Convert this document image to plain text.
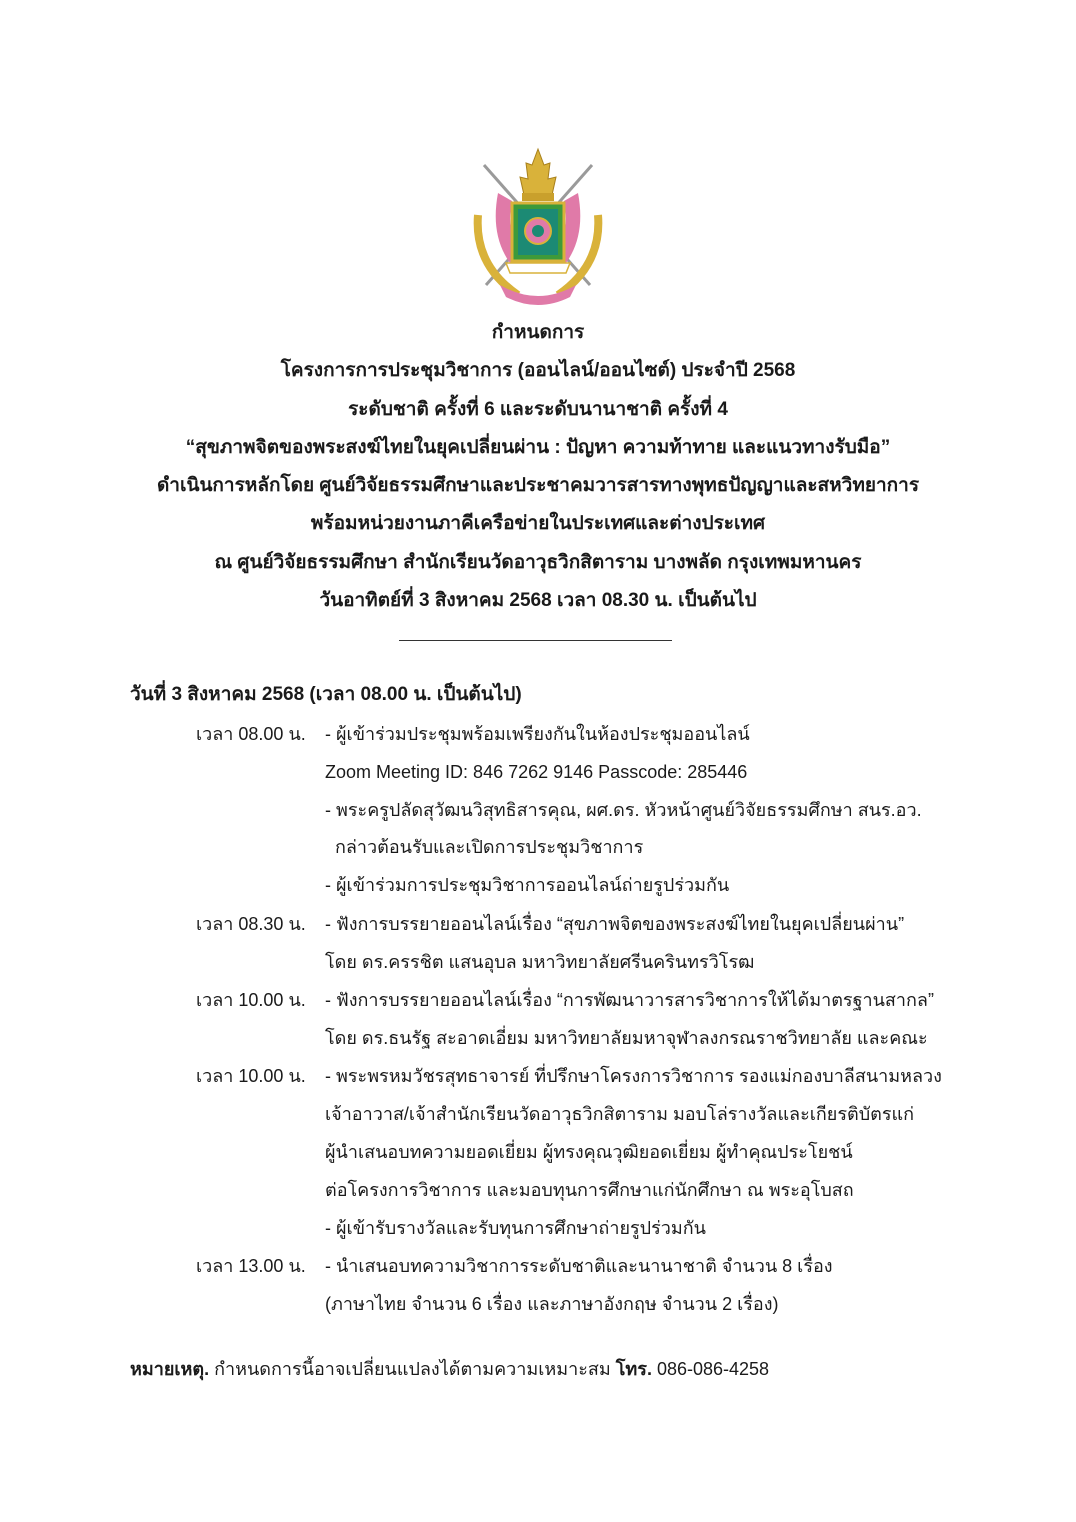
กำหนดการ
โครงการการประชุมวิชาการ (ออนไลน์/ออนไซต์) ประจำปี 2568
ระดับชาติ ครั้งที่ 6 และระดับนานาชาติ ครั้งที่ 4
“สุขภาพจิตของพระสงฆ์ไทยในยุคเปลี่ยนผ่าน : ปัญหา ความท้าทาย และแนวทางรับมือ”
ดำเนินการหลักโดย ศูนย์วิจัยธรรมศึกษาและประชาคมวารสารทางพุทธปัญญาและสหวิทยาการ
พร้อมหน่วยงานภาคีเครือข่ายในประเทศและต่างประเทศ
ณ ศูนย์วิจัยธรรมศึกษา สำนักเรียนวัดอาวุธวิกสิตาราม บางพลัด กรุงเทพมหานคร
วันอาทิตย์ที่ 3 สิงหาคม 2568 เวลา 08.30 น. เป็นต้นไป
วันที่ 3 สิงหาคม 2568 (เวลา 08.00 น. เป็นต้นไป)
เวลา 08.00 น. - ผู้เข้าร่วมประชุมพร้อมเพรียงกันในห้องประชุมออนไลน์
Zoom Meeting ID: 846 7262 9146 Passcode: 285446
- พระครูปลัดสุวัฒนวิสุทธิสารคุณ, ผศ.ดร. หัวหน้าศูนย์วิจัยธรรมศึกษา สนร.อว.
กล่าวต้อนรับและเปิดการประชุมวิชาการ
- ผู้เข้าร่วมการประชุมวิชาการออนไลน์ถ่ายรูปร่วมกัน
เวลา 08.30 น. - ฟังการบรรยายออนไลน์เรื่อง “สุขภาพจิตของพระสงฆ์ไทยในยุคเปลี่ยนผ่าน”
โดย ดร.ครรชิต แสนอุบล มหาวิทยาลัยศรีนครินทรวิโรฒ
เวลา 10.00 น. - ฟังการบรรยายออนไลน์เรื่อง “การพัฒนาวารสารวิชาการให้ได้มาตรฐานสากล”
โดย ดร.ธนรัฐ สะอาดเอี่ยม มหาวิทยาลัยมหาจุฬาลงกรณราชวิทยาลัย และคณะ
เวลา 10.00 น. - พระพรหมวัชรสุทธาจารย์ ที่ปรึกษาโครงการวิชาการ รองแม่กองบาลีสนามหลวง
เจ้าอาวาส/เจ้าสำนักเรียนวัดอาวุธวิกสิตาราม มอบโล่รางวัลและเกียรติบัตรแก่
ผู้นำเสนอบทความยอดเยี่ยม ผู้ทรงคุณวุฒิยอดเยี่ยม ผู้ทำคุณประโยชน์
ต่อโครงการวิชาการ และมอบทุนการศึกษาแก่นักศึกษา ณ พระอุโบสถ
- ผู้เข้ารับรางวัลและรับทุนการศึกษาถ่ายรูปร่วมกัน
เวลา 13.00 น. - นำเสนอบทความวิชาการระดับชาติและนานาชาติ จำนวน 8 เรื่อง
(ภาษาไทย จำนวน 6 เรื่อง และภาษาอังกฤษ จำนวน 2 เรื่อง)
หมายเหตุ. กำหนดการนี้อาจเปลี่ยนแปลงได้ตามความเหมาะสม โทร. 086-086-4258
